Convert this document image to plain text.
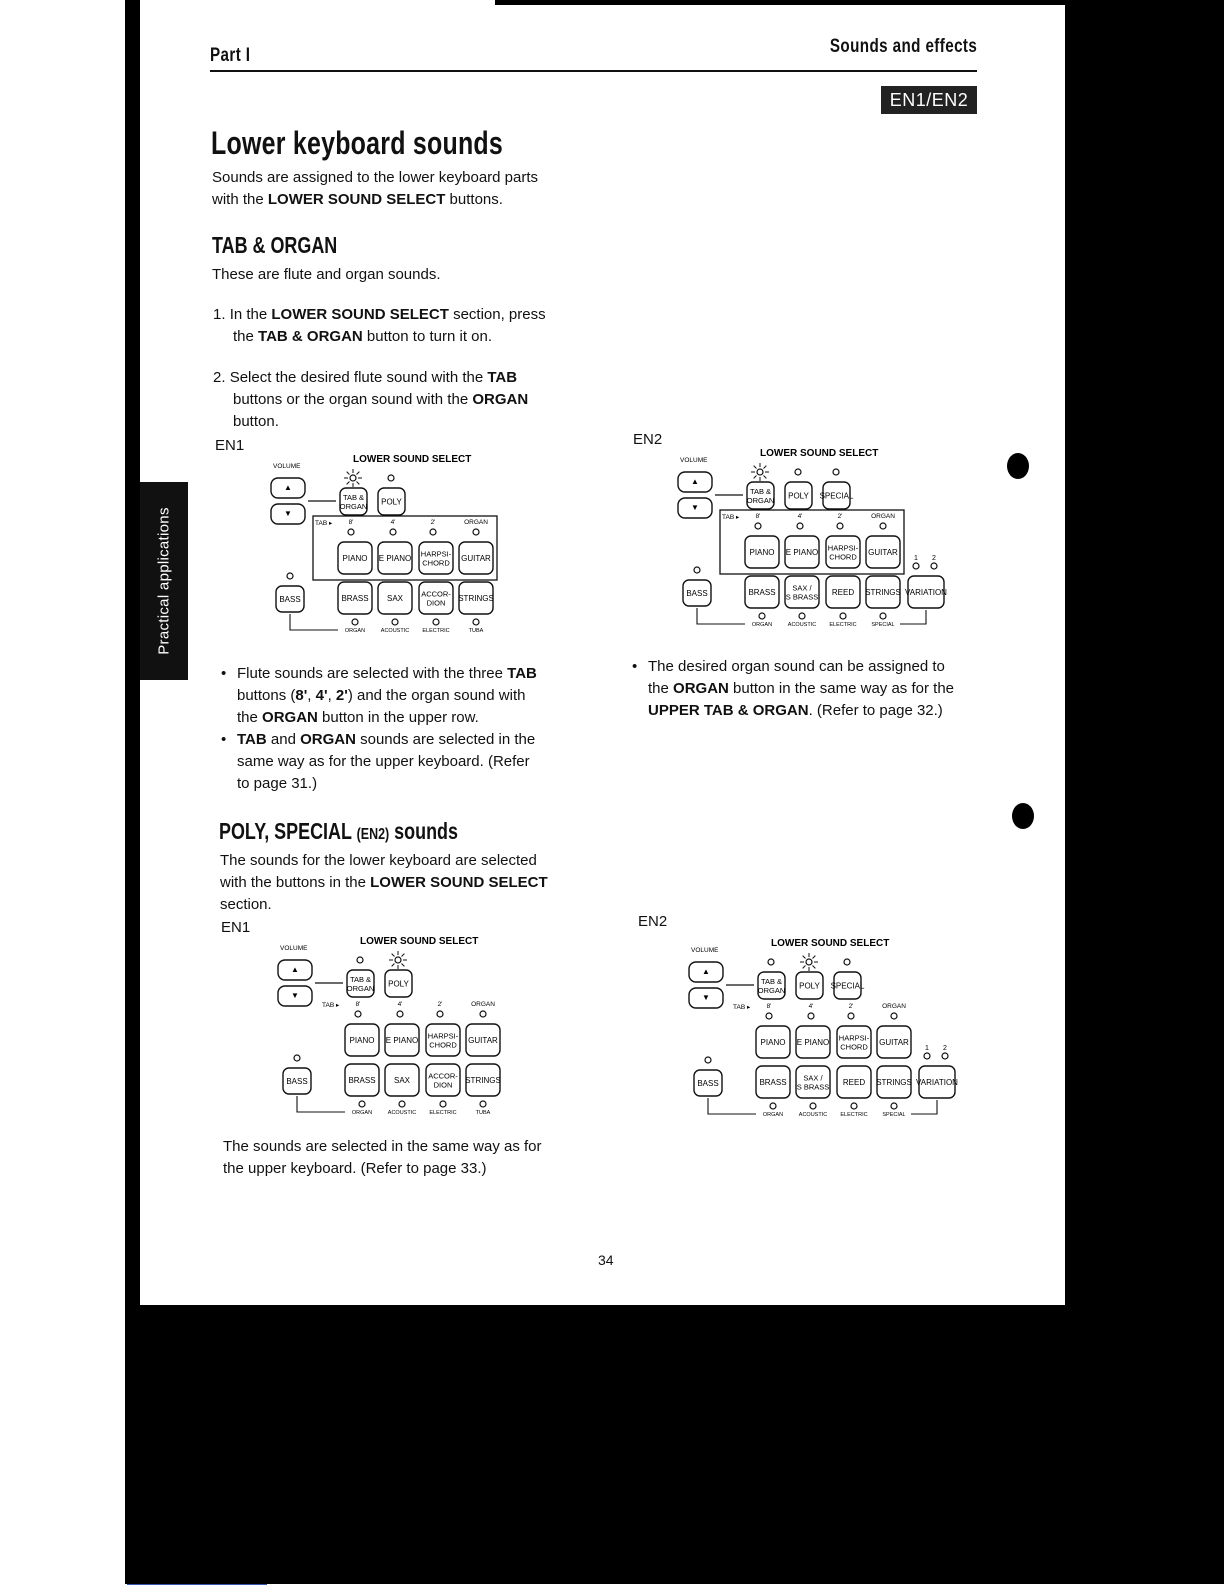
Part I	Sounds and effects
EN1/EN2
Practical applications
Lower keyboard sounds
Sounds are assigned to the lower keyboard parts
with the LOWER SOUND SELECT buttons.
TAB & ORGAN
These are flute and organ sounds.
1. In the LOWER SOUND SELECT section, press
the TAB & ORGAN button to turn it on.
2. Select the desired flute sound with the TAB
buttons or the organ sound with the ORGAN
button.
EN1	EN2
LOWER SOUND SELECT
VOLUME
▲
▼
TAB &
ORGAN POLY
TAB ▸	8'	4'	2'	ORGAN
PIANO E PIANO HARPSI-
CHORD GUITAR
BRASS SAX ACCOR-
DION STRINGS
BASS
ORGAN	ACOUSTIC ELECTRIC	TUBA
LOWER SOUND SELECT
VOLUME
▲
▼
TAB &
ORGAN POLY SPECIAL
TAB ▸	8'	4'	2'	ORGAN
PIANO E PIANO HARPSI-
CHORD GUITAR
BRASS SAX /
S BRASS REED STRINGS
BASS
1 2
VARIATION
ORGAN	ACOUSTIC ELECTRIC	SPECIAL
LOWER SOUND SELECT
VOLUME
▲
▼
TAB &
ORGAN POLY
TAB ▸	8'	4'	2'	ORGAN
PIANO E PIANO HARPSI-
CHORD GUITAR
BRASS SAX ACCOR-
DION STRINGS
BASS
ORGAN	ACOUSTIC ELECTRIC	TUBA
LOWER SOUND SELECT
VOLUME
▲
▼
TAB &
ORGAN POLY SPECIAL
TAB ▸	8'	4'	2'	ORGAN
PIANO E PIANO HARPSI-
CHORD GUITAR
BRASS SAX /
S BRASS REED STRINGS
BASS
1 2
VARIATION
ORGAN	ACOUSTIC ELECTRIC	SPECIAL
• Flute sounds are selected with the three TAB
buttons (8', 4', 2') and the organ sound with
the ORGAN button in the upper row.
• TAB and ORGAN sounds are selected in the
same way as for the upper keyboard. (Refer
to page 31.)
• The desired organ sound can be assigned to
the ORGAN button in the same way as for the
UPPER TAB & ORGAN. (Refer to page 32.)
POLY, SPECIAL (EN2) sounds
The sounds for the lower keyboard are selected
with the buttons in the LOWER SOUND SELECT
section.
EN1	EN2
The sounds are selected in the same way as for
the upper keyboard. (Refer to page 33.)
34
